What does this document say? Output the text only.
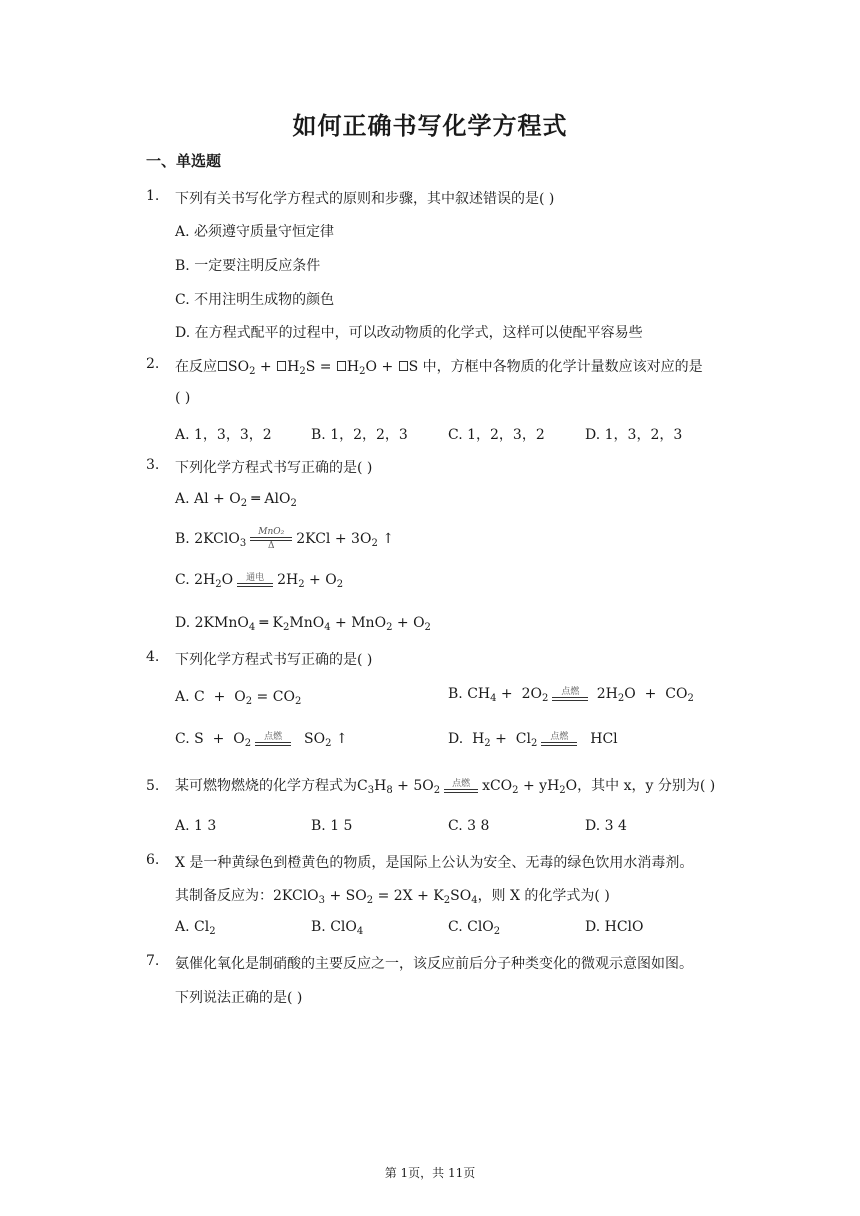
如何正确书写化学方程式
一、单选题
1. 下列有关书写化学方程式的原则和步骤，其中叙述错误的是( )
A. 必须遵守质量守恒定律
B. 一定要注明反应条件
C. 不用注明生成物的颜色
D. 在方程式配平的过程中，可以改动物质的化学式，这样可以使配平容易些
2. 在反应 $SO_2 + H_2S = H_2O + S$ 中，方框中各物质的化学计量数应该对应的是
( )
A. 1，3，3，2	B. 1，2，2，3	C. 1，2，3，2	D. 1，3，2，3
3. 下列化学方程式书写正确的是( )
A. $Al + O_2$ ═ AlO$_2$
B. 2KClO$_3$
MnO₂
Δ	$2KCl + 3O_2$ ↑
C. $2H_2O$	通电 $2H_2 + O_2$
D. 2KMnO$_4$ ═ $K_2MnO_4 + MnO_2 + O_2$
4. 下列化学方程式书写正确的是( )
A. $C + O_2 = CO_2$	B. $CH_4 + 2O_2$
点燃 $2H_2O + CO_2$
C. $S + O_2$
点燃 $SO_2$ ↑	D.  $H_2 + Cl_2$
点燃 HCl
5. 某可燃物燃烧的化学方程式为$C_3H_8 + 5O_2$
点燃 $xCO_2 + yH_2O$，其中 x，y 分别为( )
A. 1 3	B. 1 5	C. 3 8	D. 3 4
6. X 是一种黄绿色到橙黄色的物质，是国际上公认为安全、无毒的绿色饮用水消毒剂。
其制备反应为：2KClO$_3$ + $SO_2 = 2X + K_2SO_4$，则 X 的化学式为( )
A. $Cl_2$	B. ClO$_4$	C. ClO$_2$	D. HClO
7. 氨催化氧化是制硝酸的主要反应之一，该反应前后分子种类变化的微观示意图如图。
下列说法正确的是( )
第 1页，共 11页
